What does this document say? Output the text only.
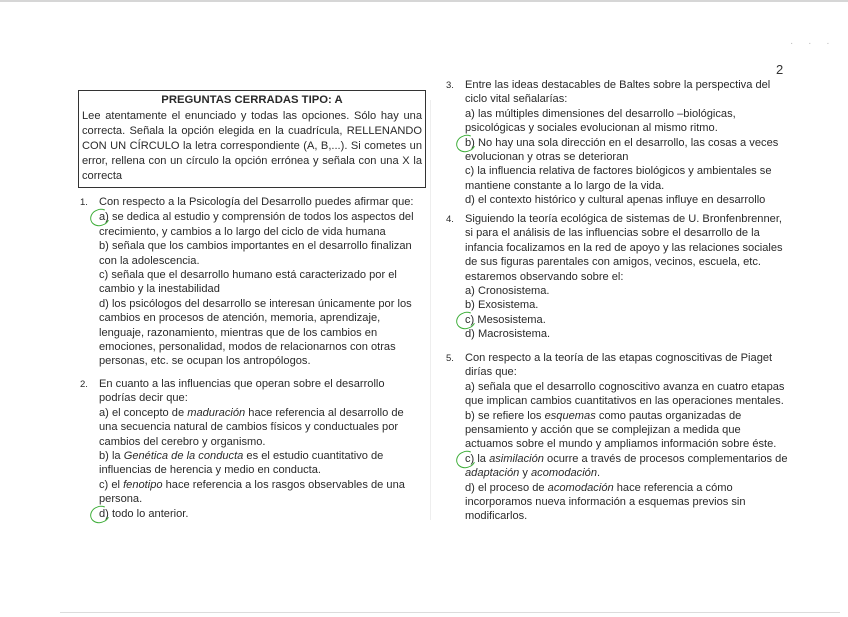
· · ·
2
PREGUNTAS CERRADAS TIPO: A
Lee atentamente el enunciado y todas las opciones. Sólo hay una correcta. Señala la opción elegida en la cuadrícula, RELLENANDO CON UN CÍRCULO la letra correspondiente (A, B,...). Si cometes un error, rellena con un círculo la opción errónea y señala con una X la correcta
1. Con respecto a la Psicología del Desarrollo puedes afirmar que:
a) se dedica al estudio y comprensión de todos los aspectos del crecimiento, y cambios a lo largo del ciclo de vida humana
b) señala que los cambios importantes en el desarrollo finalizan con la adolescencia.
c) señala que el desarrollo humano está caracterizado por el cambio y la inestabilidad
d) los psicólogos del desarrollo se interesan únicamente por los cambios en procesos de atención, memoria, aprendizaje, lenguaje, razonamiento, mientras que de los cambios en emociones, personalidad, modos de relacionarnos con otras personas, etc. se ocupan los antropólogos.
2. En cuanto a las influencias que operan sobre el desarrollo podrías decir que:
a) el concepto de maduración hace referencia al desarrollo de una secuencia natural de cambios físicos y conductuales por cambios del cerebro y organismo.
b) la Genética de la conducta es el estudio cuantitativo de influencias de herencia y medio en conducta.
c) el fenotipo hace referencia a los rasgos observables de una persona.
d) todo lo anterior.
3. Entre las ideas destacables de Baltes sobre la perspectiva del ciclo vital señalarías:
a) las múltiples dimensiones del desarrollo –biológicas, psicológicas y sociales evolucionan al mismo ritmo.
b) No hay una sola dirección en el desarrollo, las cosas a veces evolucionan y otras se deterioran
c) la influencia relativa de factores biológicos y ambientales se mantiene constante a lo largo de la vida.
d) el contexto histórico y cultural apenas influye en desarrollo
4. Siguiendo la teoría ecológica de sistemas de U. Bronfenbrenner, si para el análisis de las influencias sobre el desarrollo de la infancia focalizamos en la red de apoyo y las relaciones sociales de sus figuras parentales con amigos, vecinos, escuela, etc. estaremos observando sobre el:
a) Cronosistema.
b) Exosistema.
c) Mesosistema.
d) Macrosistema.
5. Con respecto a la teoría de las etapas cognoscitivas de Piaget dirías que:
a) señala que el desarrollo cognoscitivo avanza en cuatro etapas que implican cambios cuantitativos en las operaciones mentales.
b) se refiere los esquemas como pautas organizadas de pensamiento y acción que se complejizan a medida que actuamos sobre el mundo y ampliamos información sobre éste.
c) la asimilación ocurre a través de procesos complementarios de adaptación y acomodación.
d) el proceso de acomodación hace referencia a cómo incorporamos nueva información a esquemas previos sin modificarlos.
